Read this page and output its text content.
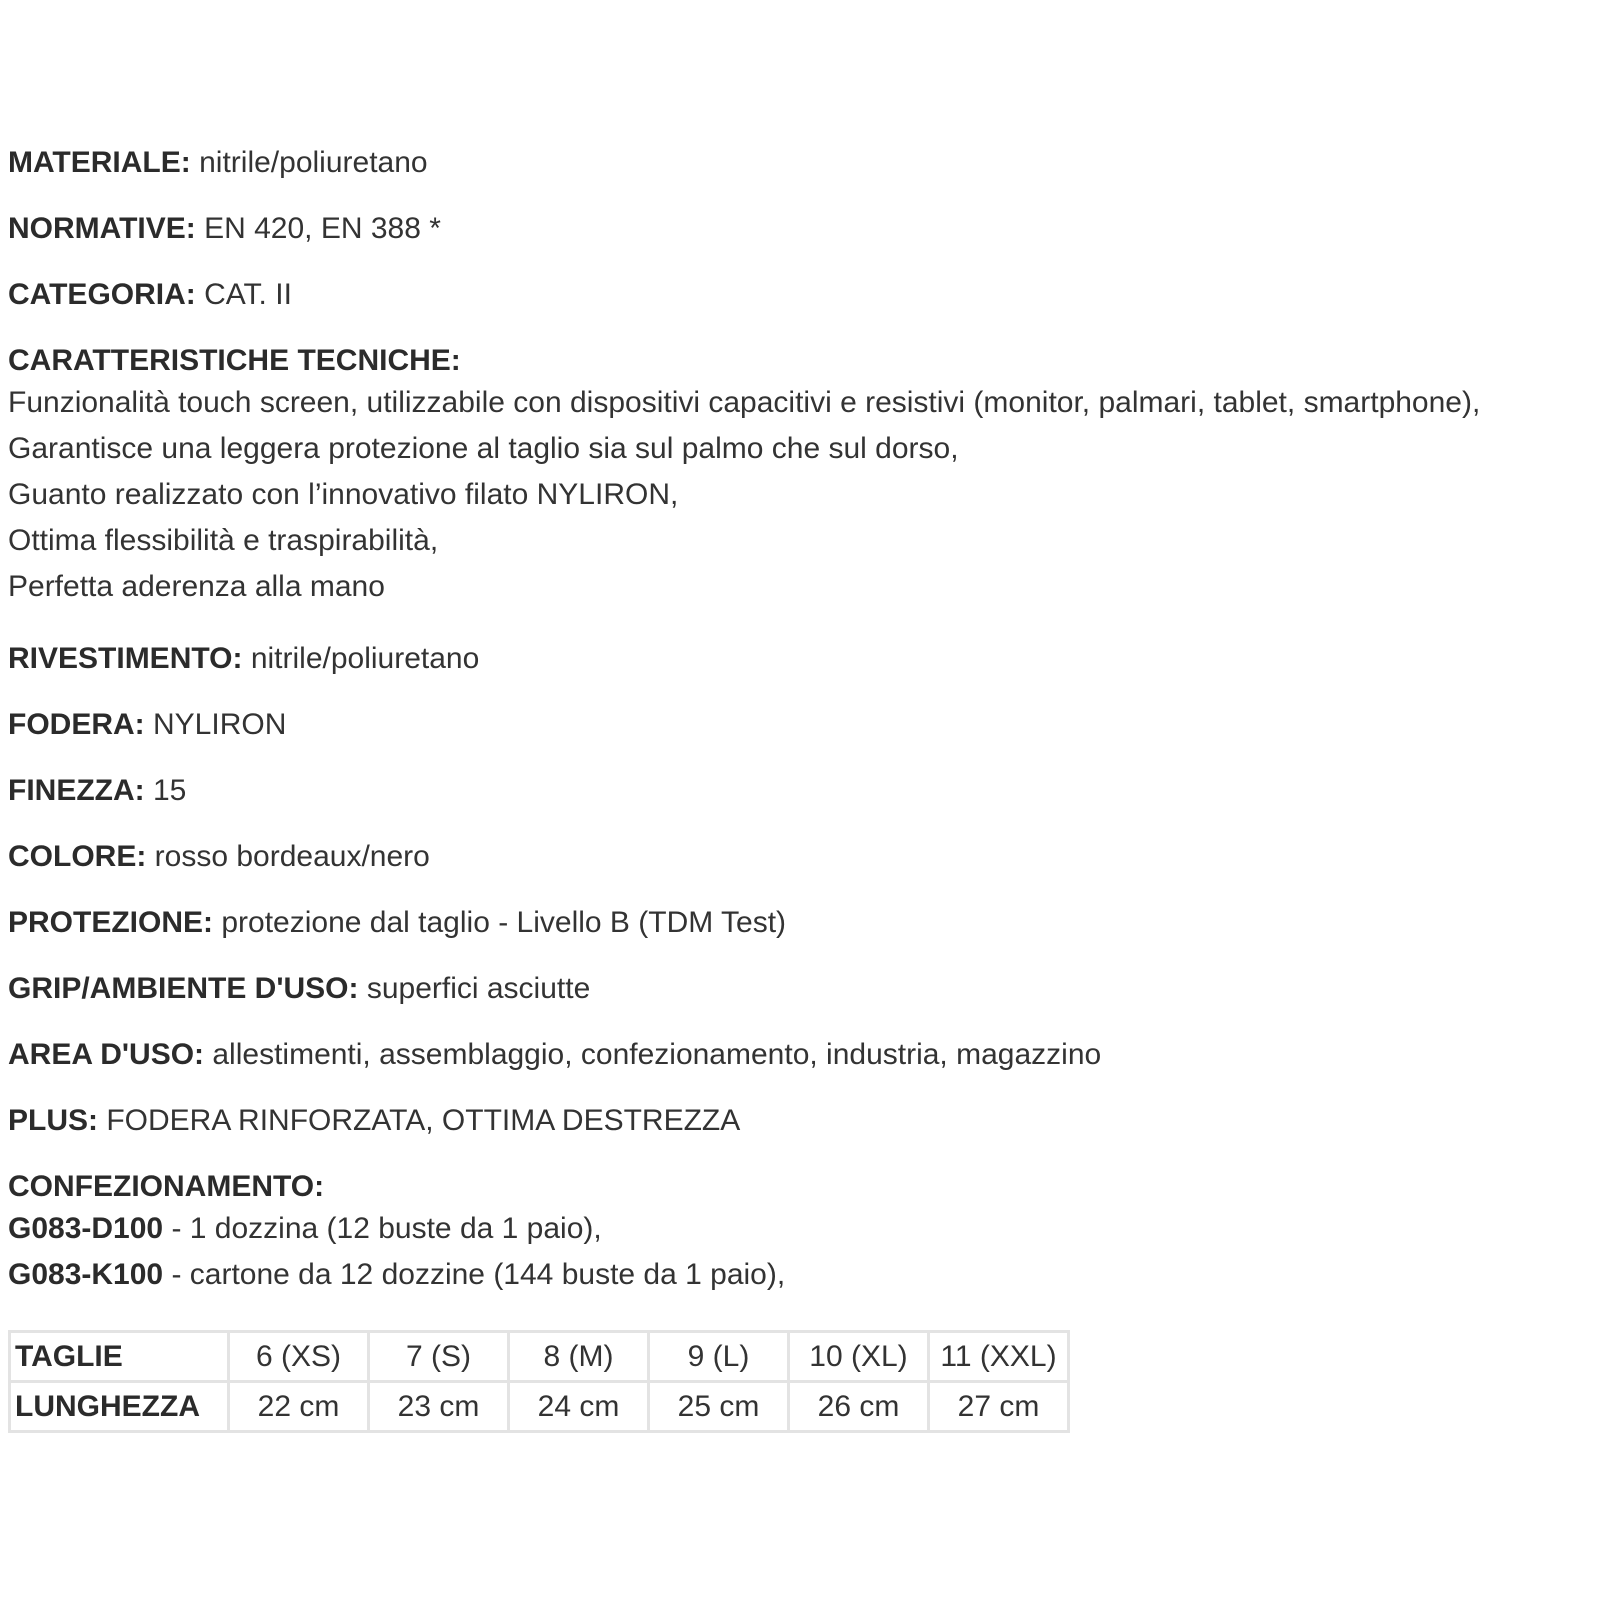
MATERIALE: nitrile/poliuretano
NORMATIVE: EN 420, EN 388 *
CATEGORIA: CAT. II
CARATTERISTICHE TECNICHE:
Funzionalità touch screen, utilizzabile con dispositivi capacitivi e resistivi (monitor, palmari, tablet, smartphone),
Garantisce una leggera protezione al taglio sia sul palmo che sul dorso,
Guanto realizzato con l’innovativo filato NYLIRON,
Ottima flessibilità e traspirabilità,
Perfetta aderenza alla mano
RIVESTIMENTO: nitrile/poliuretano
FODERA: NYLIRON
FINEZZA: 15
COLORE: rosso bordeaux/nero
PROTEZIONE: protezione dal taglio - Livello B (TDM Test)
GRIP/AMBIENTE D'USO: superfici asciutte
AREA D'USO: allestimenti, assemblaggio, confezionamento, industria, magazzino
PLUS: FODERA RINFORZATA, OTTIMA DESTREZZA
CONFEZIONAMENTO:
G083-D100 - 1 dozzina (12 buste da 1 paio),
G083-K100 - cartone da 12 dozzine (144 buste da 1 paio),
TAGLIE	6 (XS)	7 (S)	8 (M)	9 (L)	10 (XL)	11 (XXL)
LUNGHEZZA	22 cm	23 cm	24 cm	25 cm	26 cm	27 cm
